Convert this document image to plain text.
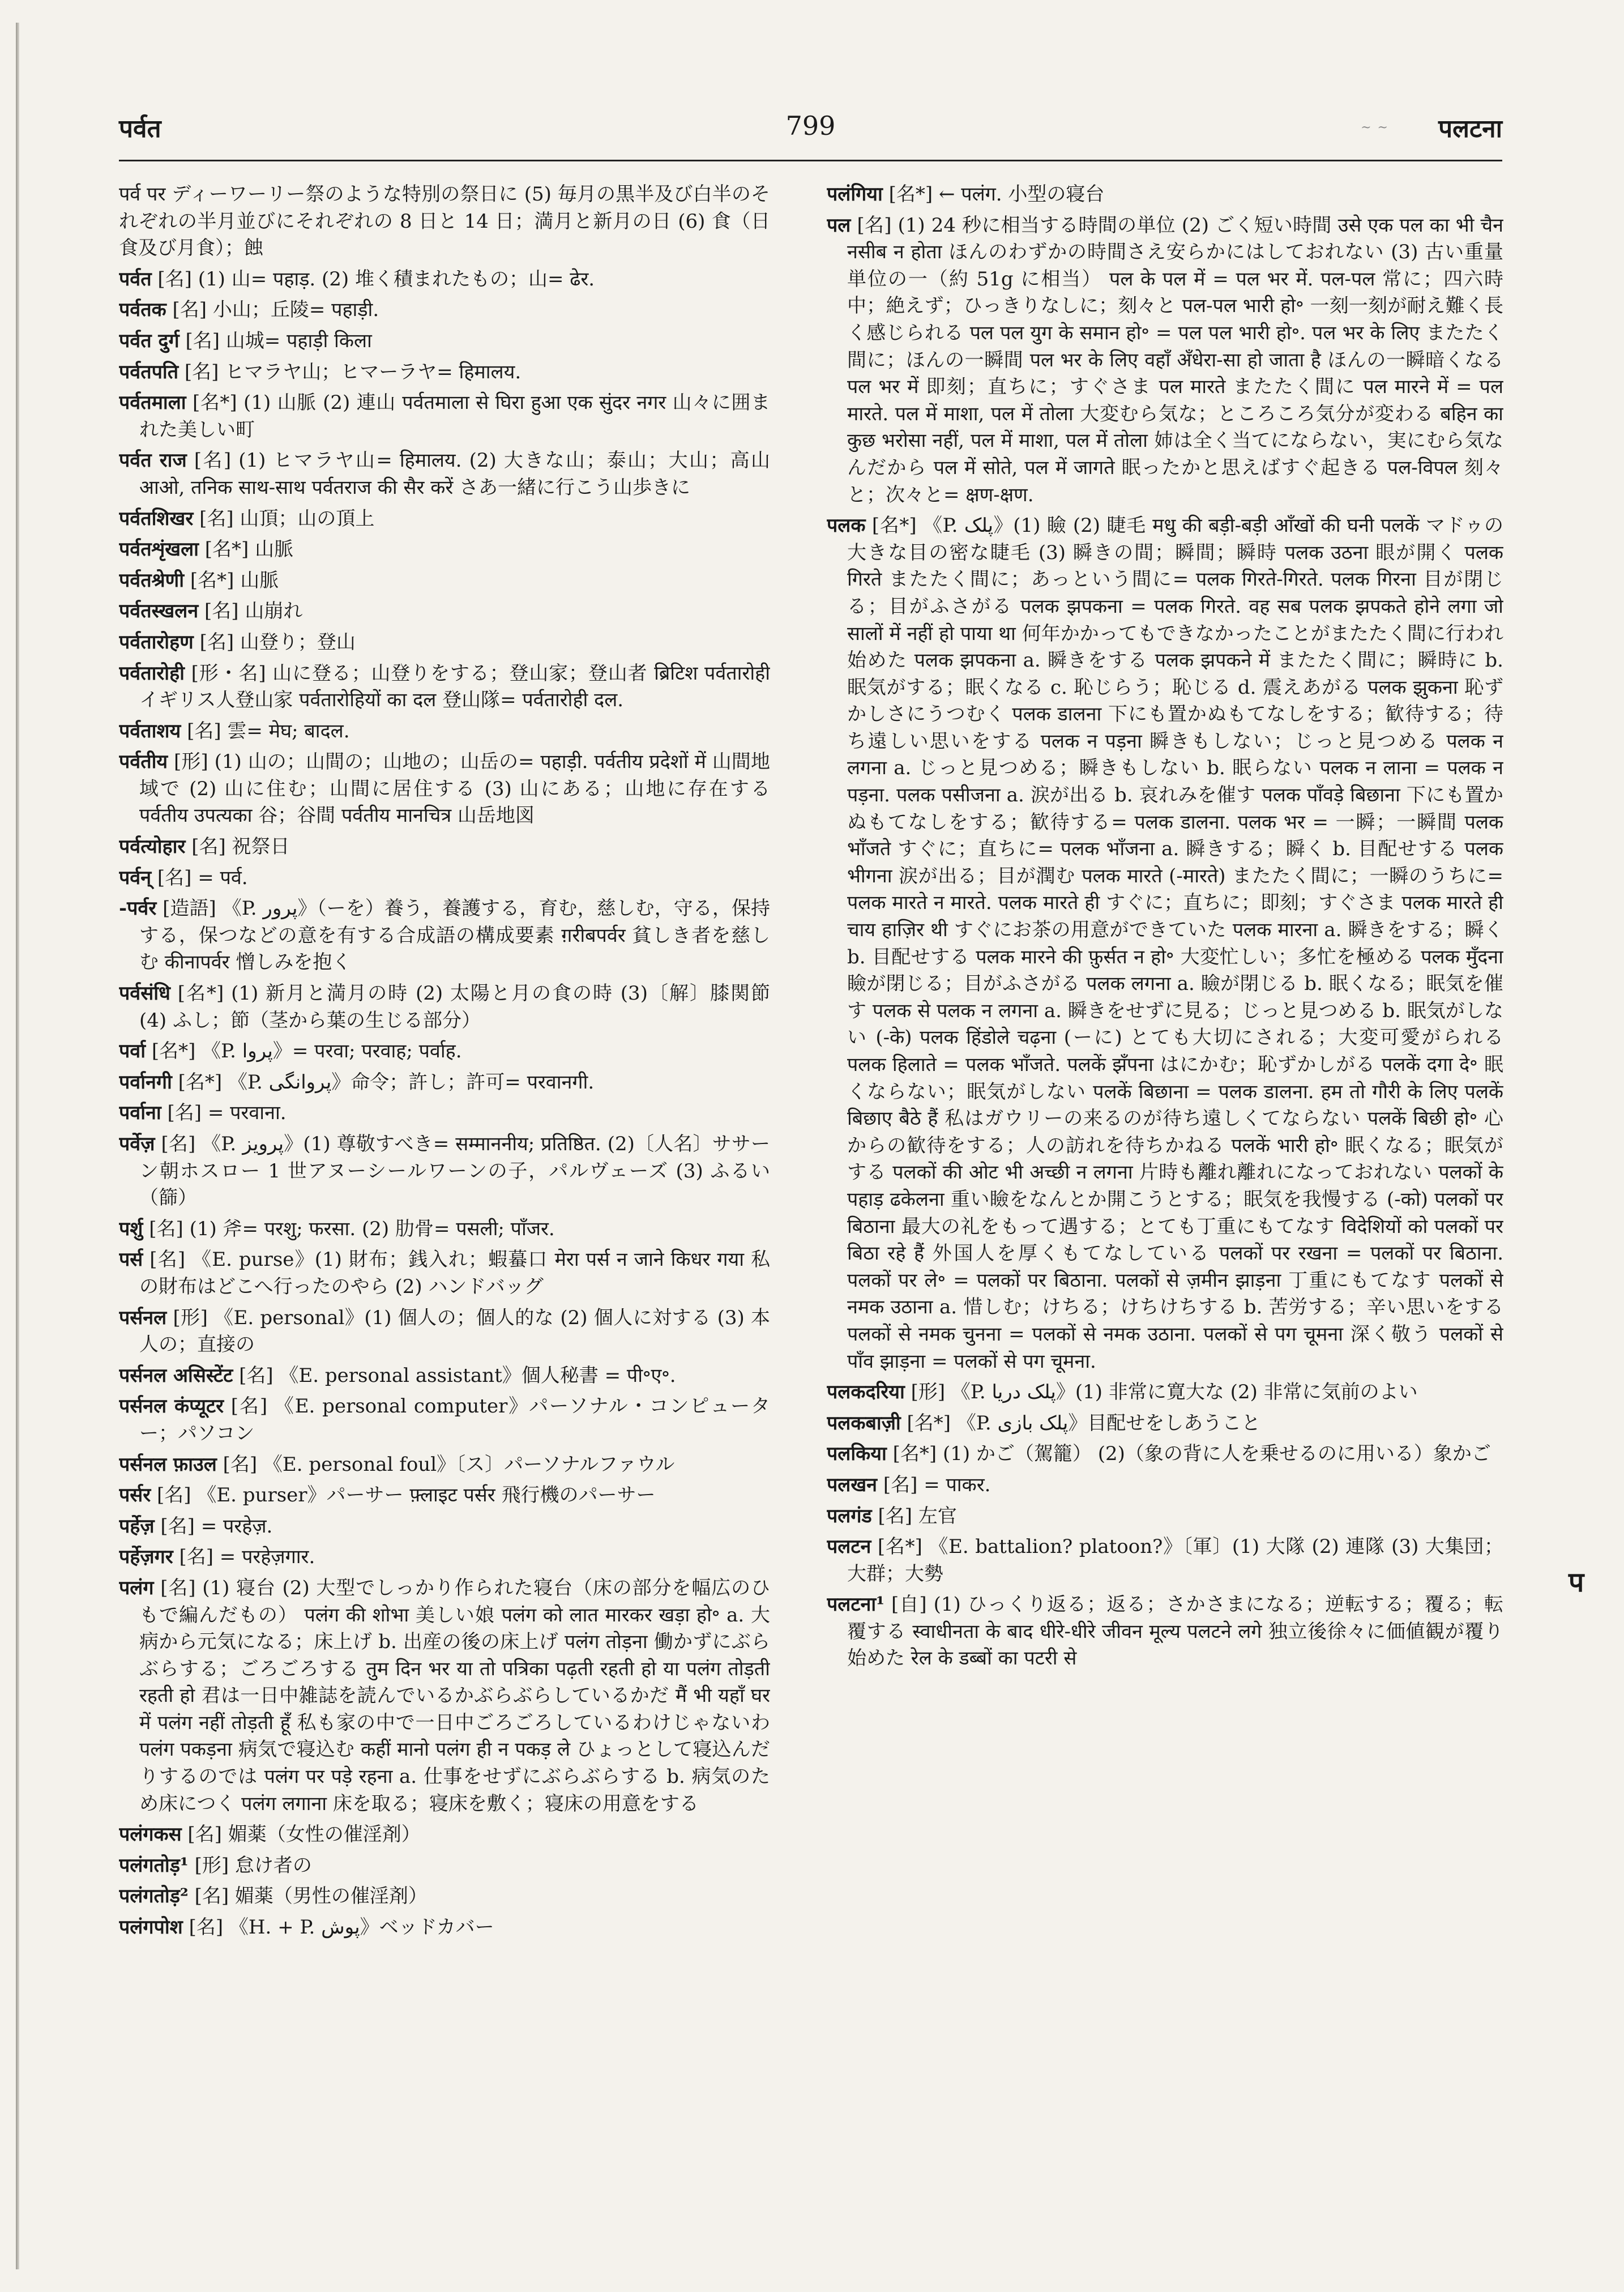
पर्वत	799	~ ~ पलटना

पर्व पर ディーワーリー祭のような特別の祭日に (5) 毎月の黒半及び白半のそれぞれの半月並びにそれぞれの 8 日と 14 日；満月と新月の日 (6) 食（日食及び月食）；蝕

पर्वत [名] (1) 山= पहाड़. (2) 堆く積まれたもの；山= ढेर.

पर्वतक [名] 小山；丘陵= पहाड़ी.

पर्वत दुर्ग [名] 山城= पहाड़ी किला

पर्वतपति [名] ヒマラヤ山；ヒマーラヤ= हिमालय.

पर्वतमाला [名*] (1) 山脈 (2) 連山 पर्वतमाला से घिरा हुआ एक सुंदर नगर 山々に囲まれた美しい町

पर्वत राज [名] (1) ヒマラヤ山= हिमालय. (2) 大きな山；泰山；大山；高山 आओ, तनिक साथ-साथ पर्वतराज की सैर करें さあ一緒に行こう山歩きに

पर्वतशिखर [名] 山頂；山の頂上

पर्वतशृंखला [名*] 山脈

पर्वतश्रेणी [名*] 山脈

पर्वतस्खलन [名] 山崩れ

पर्वतारोहण [名] 山登り；登山

पर्वतारोही [形・名] 山に登る；山登りをする；登山家；登山者 ब्रिटिश पर्वतारोही イギリス人登山家 पर्वतारोहियों का दल 登山隊= पर्वतारोही दल.

पर्वताशय [名] 雲= मेघ; बादल.

पर्वतीय [形] (1) 山の；山間の；山地の；山岳の= पहाड़ी. पर्वतीय प्रदेशों में 山間地域で (2) 山に住む；山間に居住する (3) 山にある；山地に存在する पर्वतीय उपत्यका 谷；谷間 पर्वतीय मानचित्र 山岳地図

पर्वत्योहार [名] 祝祭日

पर्वन् [名] = पर्व.

-पर्वर [造語] 《P. پرور》（ーを）養う，養護する，育む，慈しむ，守る，保持する，保つなどの意を有する合成語の構成要素 ग़रीबपर्वर 貧しき者を慈しむ कीनापर्वर 憎しみを抱く

पर्वसंधि [名*] (1) 新月と満月の時 (2) 太陽と月の食の時 (3)〔解〕膝関節 (4) ふし；節（茎から葉の生じる部分）

पर्वा [名*] 《P. پروا》= परवा; परवाह; पर्वाह.

पर्वानगी [名*] 《P. پروانگی》命令；許し；許可= परवानगी.

पर्वाना [名] = परवाना.

पर्वेज़ [名] 《P. پرویز》(1) 尊敬すべき= सम्माननीय; प्रतिष्ठित. (2)〔人名〕ササーン朝ホスロー 1 世アヌーシールワーンの子，パルヴェーズ (3) ふるい（篩）

पर्शु [名] (1) 斧= परशु; फरसा. (2) 肋骨= पसली; पाँजर.

पर्स [名] 《E. purse》(1) 財布；銭入れ；蝦蟇口 मेरा पर्स न जाने किधर गया 私の財布はどこへ行ったのやら (2) ハンドバッグ

पर्सनल [形] 《E. personal》(1) 個人の；個人的な (2) 個人に対する (3) 本人の；直接の

पर्सनल असिस्टेंट [名] 《E. personal assistant》個人秘書 = पी॰ए॰.

पर्सनल कंप्यूटर [名] 《E. personal computer》パーソナル・コンピューター；パソコン

पर्सनल फ़ाउल [名] 《E. personal foul》〔ス〕パーソナルファウル

पर्सर [名] 《E. purser》パーサー फ़्लाइट पर्सर 飛行機のパーサー

पर्हेज़ [名] = परहेज़.

पर्हेज़गर [名] = परहेज़गार.

पलंग [名] (1) 寝台 (2) 大型でしっかり作られた寝台（床の部分を幅広のひもで編んだもの） पलंग की शोभा 美しい娘 पलंग को लात मारकर खड़ा हो॰ a. 大病から元気になる；床上げ b. 出産の後の床上げ पलंग तोड़ना 働かずにぶらぶらする；ごろごろする तुम दिन भर या तो पत्रिका पढ़ती रहती हो या पलंग तोड़ती रहती हो 君は一日中雑誌を読んでいるかぶらぶらしているかだ मैं भी यहाँ घर में पलंग नहीं तोड़ती हूँ 私も家の中で一日中ごろごろしているわけじゃないわ पलंग पकड़ना 病気で寝込む कहीं मानो पलंग ही न पकड़ ले ひょっとして寝込んだりするのでは पलंग पर पड़े रहना a. 仕事をせずにぶらぶらする b. 病気のため床につく पलंग लगाना 床を取る；寝床を敷く；寝床の用意をする

पलंगकस [名] 媚薬（女性の催淫剤）

पलंगतोड़¹ [形] 怠け者の

पलंगतोड़² [名] 媚薬（男性の催淫剤）

पलंगपोश [名] 《H. + P. پوش》ベッドカバー

पलंगिया [名*] ← पलंग. 小型の寝台

पल [名] (1) 24 秒に相当する時間の単位 (2) ごく短い時間 उसे एक पल का भी चैन नसीब न होता ほんのわずかの時間さえ安らかにはしておれない (3) 古い重量単位の一（約 51g に相当） पल के पल में = पल भर में. पल-पल 常に；四六時中；絶えず；ひっきりなしに；刻々と पल-पल भारी हो॰ 一刻一刻が耐え難く長く感じられる पल पल युग के समान हो॰ = पल पल भारी हो॰. पल भर के लिए またたく間に；ほんの一瞬間 पल भर के लिए वहाँ अँधेरा-सा हो जाता है ほんの一瞬暗くなる पल भर में 即刻；直ちに；すぐさま पल मारते またたく間に पल मारने में = पल मारते. पल में माशा, पल में तोला 大変むら気な；ところころ気分が変わる बहिन का कुछ भरोसा नहीं, पल में माशा, पल में तोला 姉は全く当てにならない，実にむら気なんだから पल में सोते, पल में जागते 眠ったかと思えばすぐ起きる पल-विपल 刻々と；次々と= क्षण-क्षण.

पलक [名*] 《P. پلک》(1) 瞼 (2) 睫毛 मधु की बड़ी-बड़ी आँखों की घनी पलकें マドゥの大きな目の密な睫毛 (3) 瞬きの間；瞬間；瞬時 पलक उठना 眼が開く पलक गिरते またたく間に；あっという間に= पलक गिरते-गिरते. पलक गिरना 目が閉じる；目がふさがる पलक झपकना = पलक गिरते. वह सब पलक झपकते होने लगा जो सालों में नहीं हो पाया था 何年かかってもできなかったことがまたたく間に行われ始めた पलक झपकना a. 瞬きをする पलक झपकने में またたく間に；瞬時に b. 眠気がする；眠くなる c. 恥じらう；恥じる d. 震えあがる पलक झुकना 恥ずかしさにうつむく पलक डालना 下にも置かぬもてなしをする；歓待する；待ち遠しい思いをする पलक न पड़ना 瞬きもしない；じっと見つめる पलक न लगना a. じっと見つめる；瞬きもしない b. 眠らない पलक न लाना = पलक न पड़ना. पलक पसीजना a. 涙が出る b. 哀れみを催す पलक पाँवड़े बिछाना 下にも置かぬもてなしをする；歓待する= पलक डालना. पलक भर = 一瞬；一瞬間 पलक भाँजते すぐに；直ちに= पलक भाँजना a. 瞬きする；瞬く b. 目配せする पलक भीगना 涙が出る；目が潤む पलक मारते (-मारते) またたく間に；一瞬のうちに= पलक मारते न मारते. पलक मारते ही すぐに；直ちに；即刻；すぐさま पलक मारते ही चाय हाज़िर थी すぐにお茶の用意ができていた पलक मारना a. 瞬きをする；瞬く b. 目配せする पलक मारने की फ़ुर्सत न हो॰ 大変忙しい；多忙を極める पलक मुँदना 瞼が閉じる；目がふさがる पलक लगना a. 瞼が閉じる b. 眠くなる；眠気を催す पलक से पलक न लगना a. 瞬きをせずに見る；じっと見つめる b. 眠気がしない (-के) पलक हिंडोले चढ़ना (ーに) とても大切にされる；大変可愛がられる पलक हिलाते = पलक भाँजते. पलकें झँपना はにかむ；恥ずかしがる पलकें दगा दे॰ 眠くならない；眠気がしない पलकें बिछाना = पलक डालना. हम तो गौरी के लिए पलकें बिछाए बैठे हैं 私はガウリーの来るのが待ち遠しくてならない पलकें बिछी हो॰ 心からの歓待をする；人の訪れを待ちかねる पलकें भारी हो॰ 眠くなる；眠気がする पलकों की ओट भी अच्छी न लगना 片時も離れ離れになっておれない पलकों के पहाड़ ढकेलना 重い瞼をなんとか開こうとする；眠気を我慢する (-को) पलकों पर बिठाना 最大の礼をもって遇する；とても丁重にもてなす विदेशियों को पलकों पर बिठा रहे हैं 外国人を厚くもてなしている पलकों पर रखना = पलकों पर बिठाना. पलकों पर ले॰ = पलकों पर बिठाना. पलकों से ज़मीन झाड़ना 丁重にもてなす पलकों से नमक उठाना a. 惜しむ；けちる；けちけちする b. 苦労する；辛い思いをする पलकों से नमक चुनना = पलकों से नमक उठाना. पलकों से पग चूमना 深く敬う पलकों से पाँव झाड़ना = पलकों से पग चूमना.

पलकदरिया [形] 《P. پلک دریا》(1) 非常に寛大な (2) 非常に気前のよい

पलकबाज़ी [名*] 《P. پلک بازی》目配せをしあうこと

पलकिया [名*] (1) かご（駕籠） (2)（象の背に人を乗せるのに用いる）象かご

पलखन [名] = पाकर.

पलगंड [名] 左官

पलटन [名*] 《E. battalion? platoon?》〔軍〕(1) 大隊 (2) 連隊 (3) 大集団；大群；大勢

पलटना¹ [自] (1) ひっくり返る；返る；さかさまになる；逆転する；覆る；転覆する स्वाधीनता के बाद धीरे-धीरे जीवन मूल्य पलटने लगे 独立後徐々に価値観が覆り始めた रेल के डब्बों का पटरी से

प
